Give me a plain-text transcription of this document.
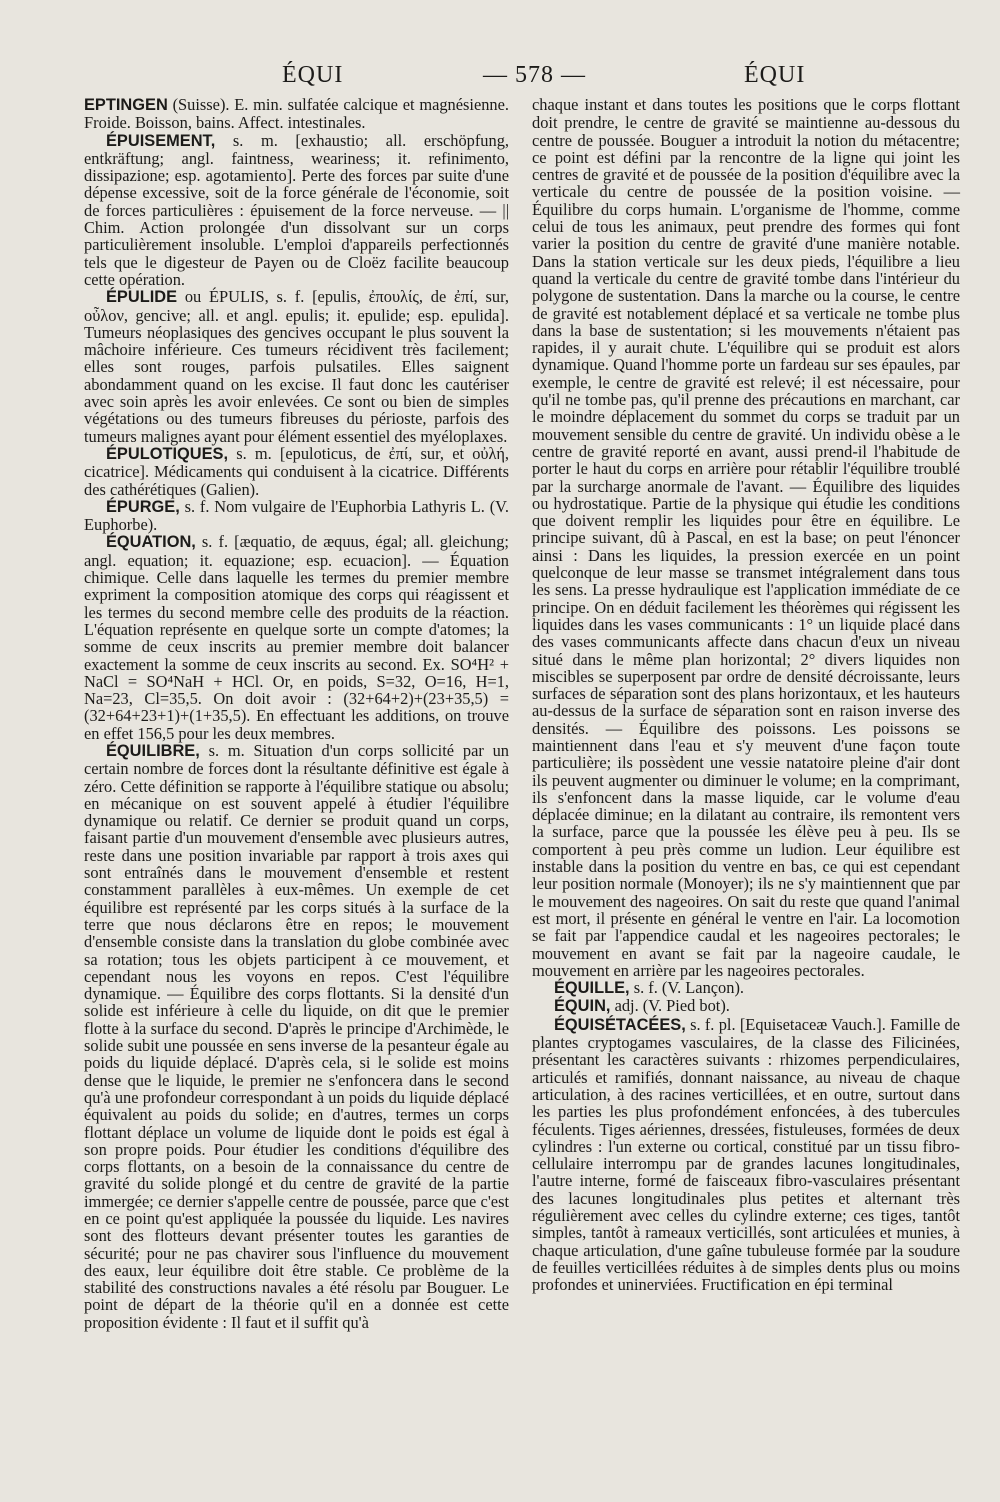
ÉQUI	— 578 —	ÉQUI

EPTINGEN (Suisse). E. min. sulfatée calcique et magnésienne. Froide. Boisson, bains. Affect. intestinales.

ÉPUISEMENT, s. m. [exhaustio; all. erschöpfung, entkräftung; angl. faintness, weariness; it. refinimento, dissipazione; esp. agotamiento]. Perte des forces par suite d'une dépense excessive, soit de la force générale de l'économie, soit de forces particulières : épuisement de la force nerveuse. — || Chim. Action prolongée d'un dissolvant sur un corps particulièrement insoluble. L'emploi d'appareils perfectionnés tels que le digesteur de Payen ou de Cloëz facilite beaucoup cette opération.

ÉPULIDE ou ÉPULIS, s. f. [epulis, ἐπουλίς, de ἐπί, sur, οὖλον, gencive; all. et angl. epulis; it. epulide; esp. epulida]. Tumeurs néoplasiques des gencives occupant le plus souvent la mâchoire inférieure. Ces tumeurs récidivent très facilement; elles sont rouges, parfois pulsatiles. Elles saignent abondamment quand on les excise. Il faut donc les cautériser avec soin après les avoir enlevées. Ce sont ou bien de simples végétations ou des tumeurs fibreuses du périoste, parfois des tumeurs malignes ayant pour élément essentiel des myéloplaxes.

ÉPULOTIQUES, s. m. [epuloticus, de ἐπί, sur, et οὐλή, cicatrice]. Médicaments qui conduisent à la cicatrice. Différents des cathérétiques (Galien).

ÉPURGE, s. f. Nom vulgaire de l'Euphorbia Lathyris L. (V. Euphorbe).

ÉQUATION, s. f. [æquatio, de æquus, égal; all. gleichung; angl. equation; it. equazione; esp. ecuacion]. — Équation chimique. Celle dans laquelle les termes du premier membre expriment la composition atomique des corps qui réagissent et les termes du second membre celle des produits de la réaction. L'équation représente en quelque sorte un compte d'atomes; la somme de ceux inscrits au premier membre doit balancer exactement la somme de ceux inscrits au second. Ex. SO⁴H² + NaCl = SO⁴NaH + HCl. Or, en poids, S=32, O=16, H=1, Na=23, Cl=35,5. On doit avoir : (32+64+2)+(23+35,5) = (32+64+23+1)+(1+35,5). En effectuant les additions, on trouve en effet 156,5 pour les deux membres.

ÉQUILIBRE, s. m. Situation d'un corps sollicité par un certain nombre de forces dont la résultante définitive est égale à zéro. Cette définition se rapporte à l'équilibre statique ou absolu; en mécanique on est souvent appelé à étudier l'équilibre dynamique ou relatif. Ce dernier se produit quand un corps, faisant partie d'un mouvement d'ensemble avec plusieurs autres, reste dans une position invariable par rapport à trois axes qui sont entraînés dans le mouvement d'ensemble et restent constamment parallèles à eux-mêmes. Un exemple de cet équilibre est représenté par les corps situés à la surface de la terre que nous déclarons être en repos; le mouvement d'ensemble consiste dans la translation du globe combinée avec sa rotation; tous les objets participent à ce mouvement, et cependant nous les voyons en repos. C'est l'équilibre dynamique. — Équilibre des corps flottants. Si la densité d'un solide est inférieure à celle du liquide, on dit que le premier flotte à la surface du second. D'après le principe d'Archimède, le solide subit une poussée en sens inverse de la pesanteur égale au poids du liquide déplacé. D'après cela, si le solide est moins dense que le liquide, le premier ne s'enfoncera dans le second qu'à une profondeur correspondant à un poids du liquide déplacé équivalent au poids du solide; en d'autres, termes un corps flottant déplace un volume de liquide dont le poids est égal à son propre poids. Pour étudier les conditions d'équilibre des corps flottants, on a besoin de la connaissance du centre de gravité du solide plongé et du centre de gravité de la partie immergée; ce dernier s'appelle centre de poussée, parce que c'est en ce point qu'est appliquée la poussée du liquide. Les navires sont des flotteurs devant présenter toutes les garanties de sécurité; pour ne pas chavirer sous l'influence du mouvement des eaux, leur équilibre doit être stable. Ce problème de la stabilité des constructions navales a été résolu par Bouguer. Le point de départ de la théorie qu'il en a donnée est cette proposition évidente : Il faut et il suffit qu'à

chaque instant et dans toutes les positions que le corps flottant doit prendre, le centre de gravité se maintienne au-dessous du centre de poussée. Bouguer a introduit la notion du métacentre; ce point est défini par la rencontre de la ligne qui joint les centres de gravité et de poussée de la position d'équilibre avec la verticale du centre de poussée de la position voisine. — Équilibre du corps humain. L'organisme de l'homme, comme celui de tous les animaux, peut prendre des formes qui font varier la position du centre de gravité d'une manière notable. Dans la station verticale sur les deux pieds, l'équilibre a lieu quand la verticale du centre de gravité tombe dans l'intérieur du polygone de sustentation. Dans la marche ou la course, le centre de gravité est notablement déplacé et sa verticale ne tombe plus dans la base de sustentation; si les mouvements n'étaient pas rapides, il y aurait chute. L'équilibre qui se produit est alors dynamique. Quand l'homme porte un fardeau sur ses épaules, par exemple, le centre de gravité est relevé; il est nécessaire, pour qu'il ne tombe pas, qu'il prenne des précautions en marchant, car le moindre déplacement du sommet du corps se traduit par un mouvement sensible du centre de gravité. Un individu obèse a le centre de gravité reporté en avant, aussi prend-il l'habitude de porter le haut du corps en arrière pour rétablir l'équilibre troublé par la surcharge anormale de l'avant. — Équilibre des liquides ou hydrostatique. Partie de la physique qui étudie les conditions que doivent remplir les liquides pour être en équilibre. Le principe suivant, dû à Pascal, en est la base; on peut l'énoncer ainsi : Dans les liquides, la pression exercée en un point quelconque de leur masse se transmet intégralement dans tous les sens. La presse hydraulique est l'application immédiate de ce principe. On en déduit facilement les théorèmes qui régissent les liquides dans les vases communicants : 1° un liquide placé dans des vases communicants affecte dans chacun d'eux un niveau situé dans le même plan horizontal; 2° divers liquides non miscibles se superposent par ordre de densité décroissante, leurs surfaces de séparation sont des plans horizontaux, et les hauteurs au-dessus de la surface de séparation sont en raison inverse des densités. — Équilibre des poissons. Les poissons se maintiennent dans l'eau et s'y meuvent d'une façon toute particulière; ils possèdent une vessie natatoire pleine d'air dont ils peuvent augmenter ou diminuer le volume; en la comprimant, ils s'enfoncent dans la masse liquide, car le volume d'eau déplacée diminue; en la dilatant au contraire, ils remontent vers la surface, parce que la poussée les élève peu à peu. Ils se comportent à peu près comme un ludion. Leur équilibre est instable dans la position du ventre en bas, ce qui est cependant leur position normale (Monoyer); ils ne s'y maintiennent que par le mouvement des nageoires. On sait du reste que quand l'animal est mort, il présente en général le ventre en l'air. La locomotion se fait par l'appendice caudal et les nageoires pectorales; le mouvement en avant se fait par la nageoire caudale, le mouvement en arrière par les nageoires pectorales.

ÉQUILLE, s. f. (V. Lançon).

ÉQUIN, adj. (V. Pied bot).

ÉQUISÉTACÉES, s. f. pl. [Equisetaceæ Vauch.]. Famille de plantes cryptogames vasculaires, de la classe des Filicinées, présentant les caractères suivants : rhizomes perpendiculaires, articulés et ramifiés, donnant naissance, au niveau de chaque articulation, à des racines verticillées, et en outre, surtout dans les parties les plus profondément enfoncées, à des tubercules féculents. Tiges aériennes, dressées, fistuleuses, formées de deux cylindres : l'un externe ou cortical, constitué par un tissu fibro-cellulaire interrompu par de grandes lacunes longitudinales, l'autre interne, formé de faisceaux fibro-vasculaires présentant des lacunes longitudinales plus petites et alternant très régulièrement avec celles du cylindre externe; ces tiges, tantôt simples, tantôt à rameaux verticillés, sont articulées et munies, à chaque articulation, d'une gaîne tubuleuse formée par la soudure de feuilles verticillées réduites à de simples dents plus ou moins profondes et uninerviées. Fructification en épi terminal
